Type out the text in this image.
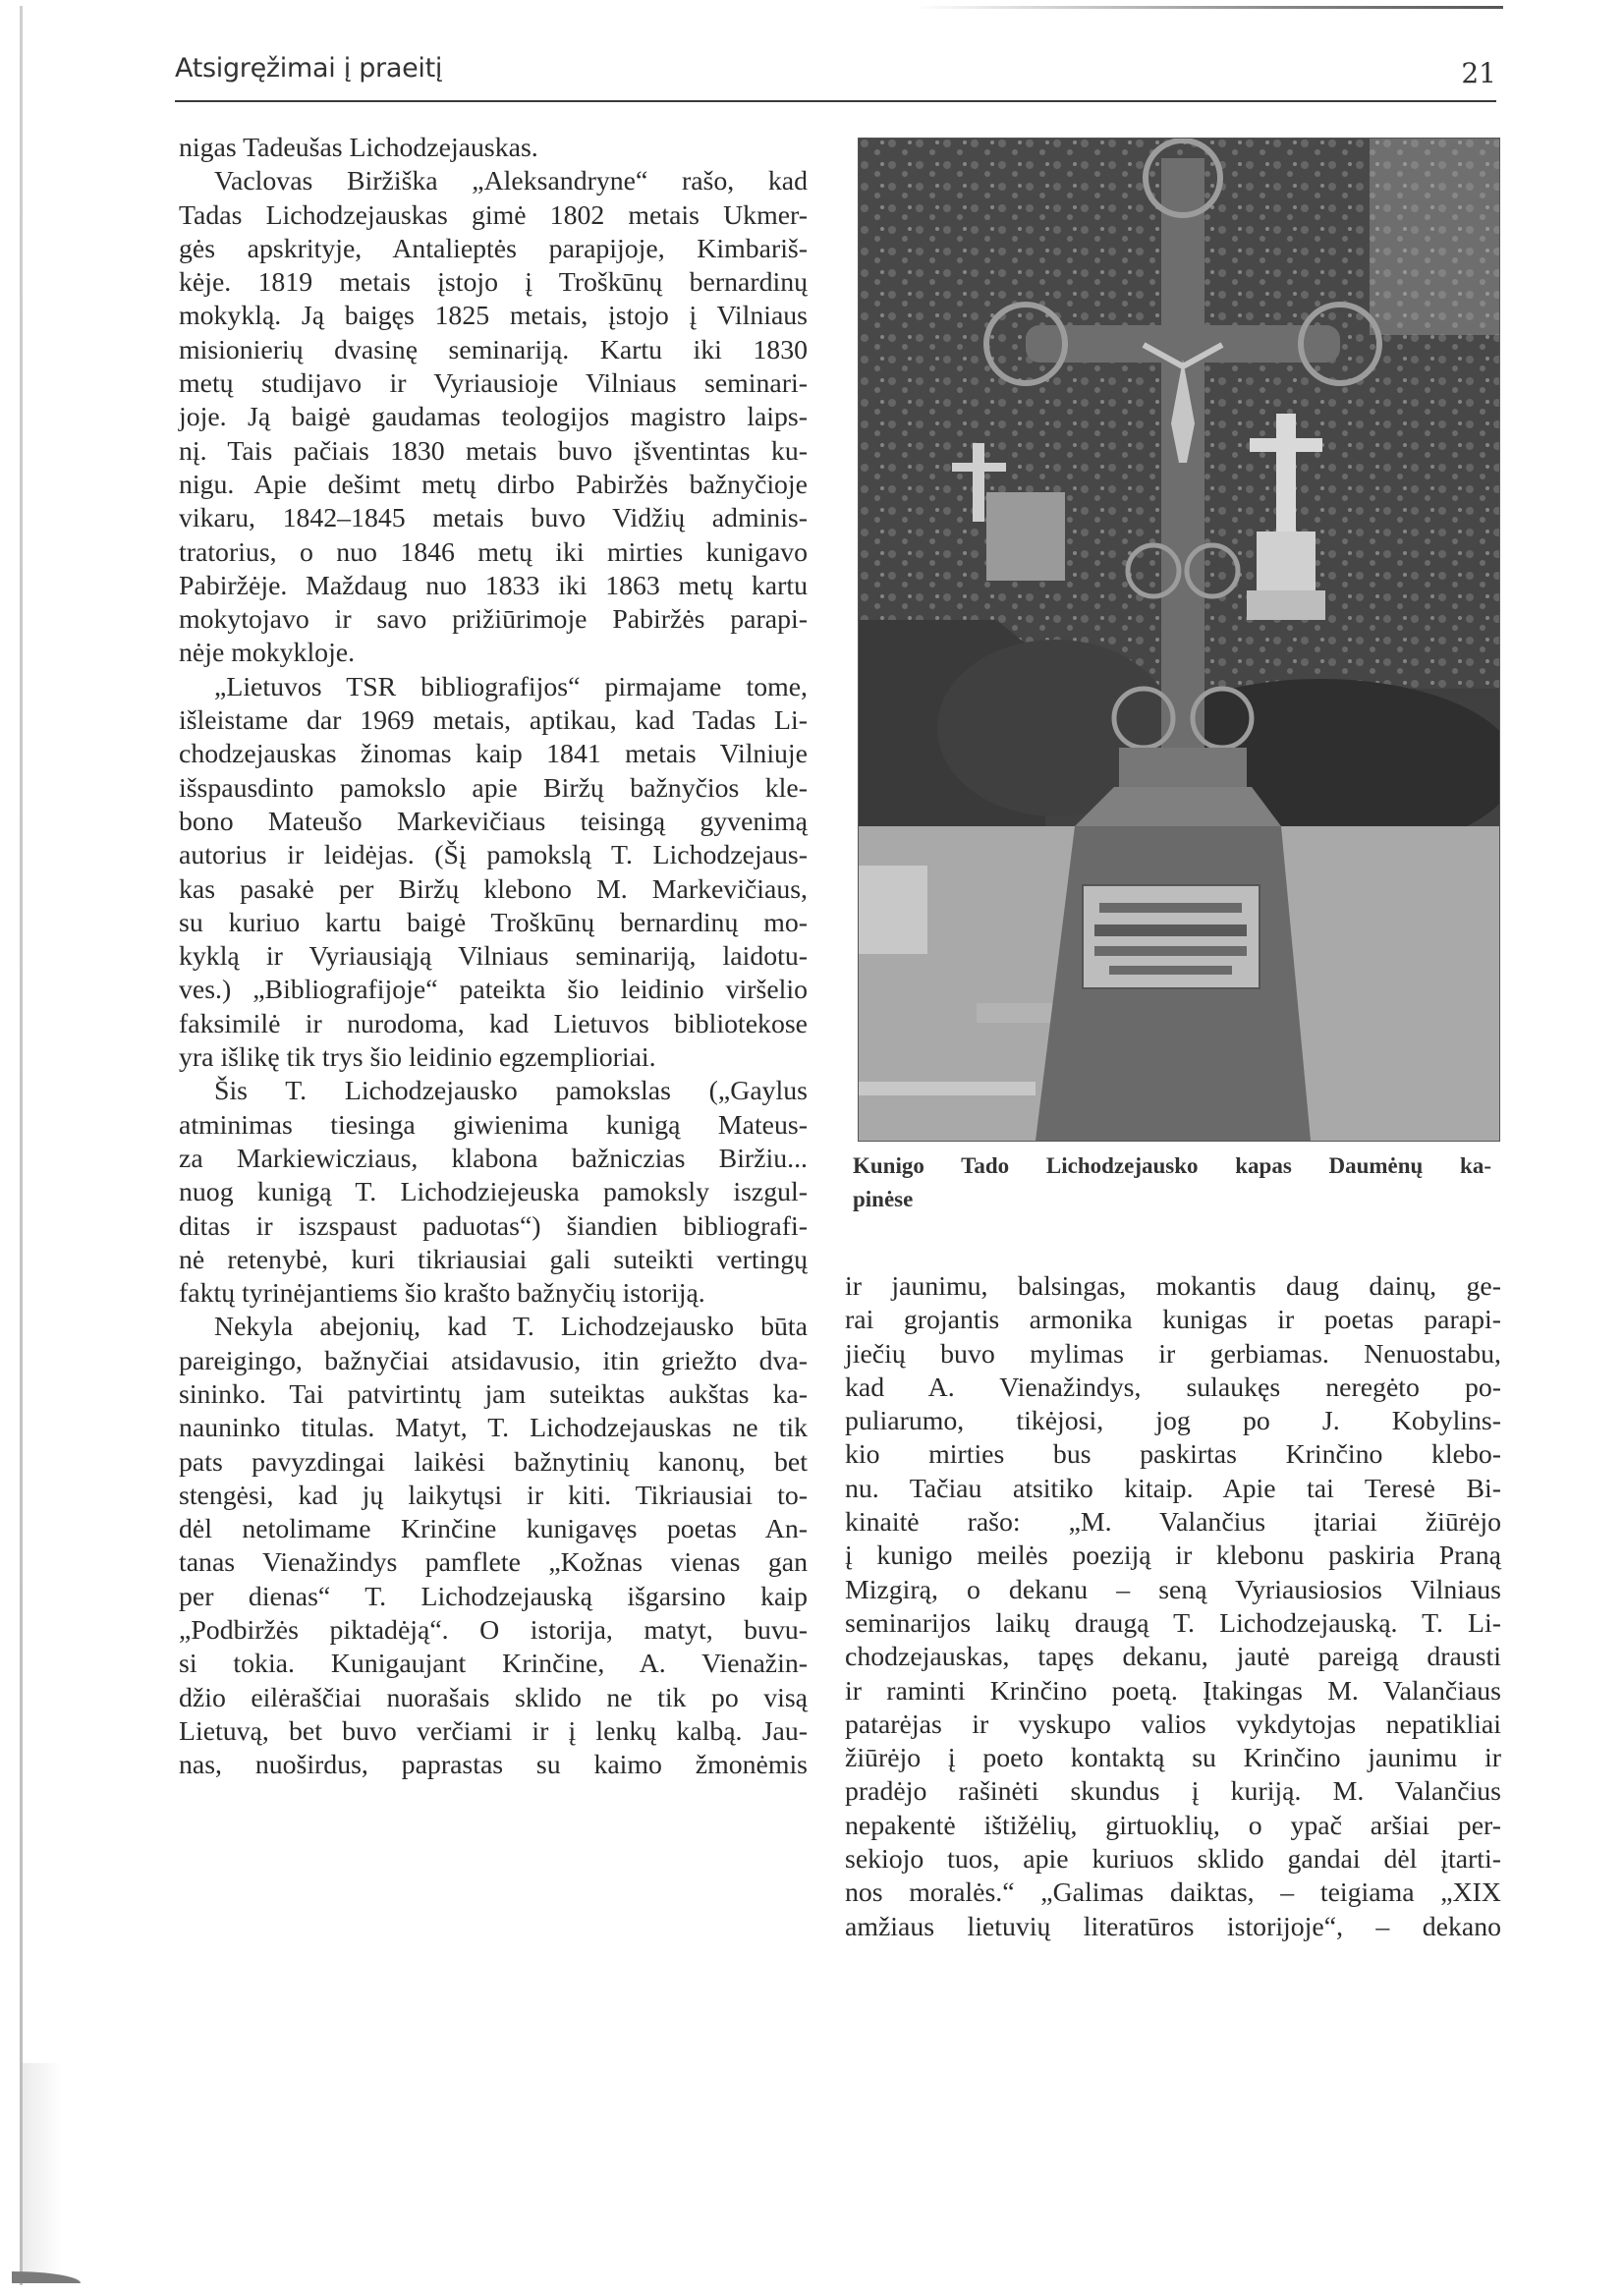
Atsigręžimai į praeitį	21
nigas Tadeušas Lichodzejauskas.
Vaclovas Biržiška „Aleksandryne“ rašo, kad
Tadas Lichodzejauskas gimė 1802 metais Ukmer-
gės apskrityje, Antalieptės parapijoje, Kimbariš-
kėje. 1819 metais įstojo į Troškūnų bernardinų
mokyklą. Ją baigęs 1825 metais, įstojo į Vilniaus
misionierių dvasinę seminariją. Kartu iki 1830
metų studijavo ir Vyriausioje Vilniaus seminari-
joje. Ją baigė gaudamas teologijos magistro laips-
nį. Tais pačiais 1830 metais buvo įšventintas ku-
nigu. Apie dešimt metų dirbo Pabiržės bažnyčioje
vikaru, 1842–1845 metais buvo Vidžių adminis-
tratorius, o nuo 1846 metų iki mirties kunigavo
Pabiržėje. Maždaug nuo 1833 iki 1863 metų kartu
mokytojavo ir savo prižiūrimoje Pabiržės parapi-
nėje mokykloje.
„Lietuvos TSR bibliografijos“ pirmajame tome,
išleistame dar 1969 metais, aptikau, kad Tadas Li-
chodzejauskas žinomas kaip 1841 metais Vilniuje
išspausdinto pamokslo apie Biržų bažnyčios kle-
bono Mateušo Markevičiaus teisingą gyvenimą
autorius ir leidėjas. (Šį pamokslą T. Lichodzejaus-
kas pasakė per Biržų klebono M. Markevičiaus,
su kuriuo kartu baigė Troškūnų bernardinų mo-
kyklą ir Vyriausiąją Vilniaus seminariją, laidotu-
ves.) „Bibliografijoje“ pateikta šio leidinio viršelio
faksimilė ir nurodoma, kad Lietuvos bibliotekose
yra išlikę tik trys šio leidinio egzemplioriai.
Šis T. Lichodzejausko pamokslas („Gaylus
atminimas tiesinga giwienima kunigą Mateus-
za Markiewicziaus, klabona bažniczias Biržiu...
nuog kunigą T. Lichodziejeuska pamoksly iszgul-
ditas ir iszspaust paduotas“) šiandien bibliografi-
nė retenybė, kuri tikriausiai gali suteikti vertingų
faktų tyrinėjantiems šio krašto bažnyčių istoriją.
Nekyla abejonių, kad T. Lichodzejausko būta
pareigingo, bažnyčiai atsidavusio, itin griežto dva-
sininko. Tai patvirtintų jam suteiktas aukštas ka-
nauninko titulas. Matyt, T. Lichodzejauskas ne tik
pats pavyzdingai laikėsi bažnytinių kanonų, bet
stengėsi, kad jų laikytųsi ir kiti. Tikriausiai to-
dėl netolimame Krinčine kunigavęs poetas An-
tanas Vienažindys pamflete „Kožnas vienas gan
per dienas“ T. Lichodzejauską išgarsino kaip
„Podbiržės piktadėją“. O istorija, matyt, buvu-
si tokia. Kunigaujant Krinčine, A. Vienažin-
džio eilėraščiai nuorašais sklido ne tik po visą
Lietuvą, bet buvo verčiami ir į lenkų kalbą. Jau-
nas, nuoširdus, paprastas su kaimo žmonėmis
Kunigo Tado Lichodzejausko kapas Daumėnų ka-
pinėse
ir jaunimu, balsingas, mokantis daug dainų, ge-
rai grojantis armonika kunigas ir poetas parapi-
jiečių buvo mylimas ir gerbiamas. Nenuostabu,
kad A. Vienažindys, sulaukęs neregėto po-
puliarumo, tikėjosi, jog po J. Kobylins-
kio mirties bus paskirtas Krinčino klebo-
nu. Tačiau atsitiko kitaip. Apie tai Teresė Bi-
kinaitė rašo: „M. Valančius įtariai žiūrėjo
į kunigo meilės poeziją ir klebonu paskiria Praną
Mizgirą, o dekanu – seną Vyriausiosios Vilniaus
seminarijos laikų draugą T. Lichodzejauską. T. Li-
chodzejauskas, tapęs dekanu, jautė pareigą drausti
ir raminti Krinčino poetą. Įtakingas M. Valančiaus
patarėjas ir vyskupo valios vykdytojas nepatikliai
žiūrėjo į poeto kontaktą su Krinčino jaunimu ir
pradėjo rašinėti skundus į kuriją. M. Valančius
nepakentė ištižėlių, girtuoklių, o ypač aršiai per-
sekiojo tuos, apie kuriuos sklido gandai dėl įtarti-
nos moralės.“ „Galimas daiktas, – teigiama „XIX
amžiaus lietuvių literatūros istorijoje“, – dekano
